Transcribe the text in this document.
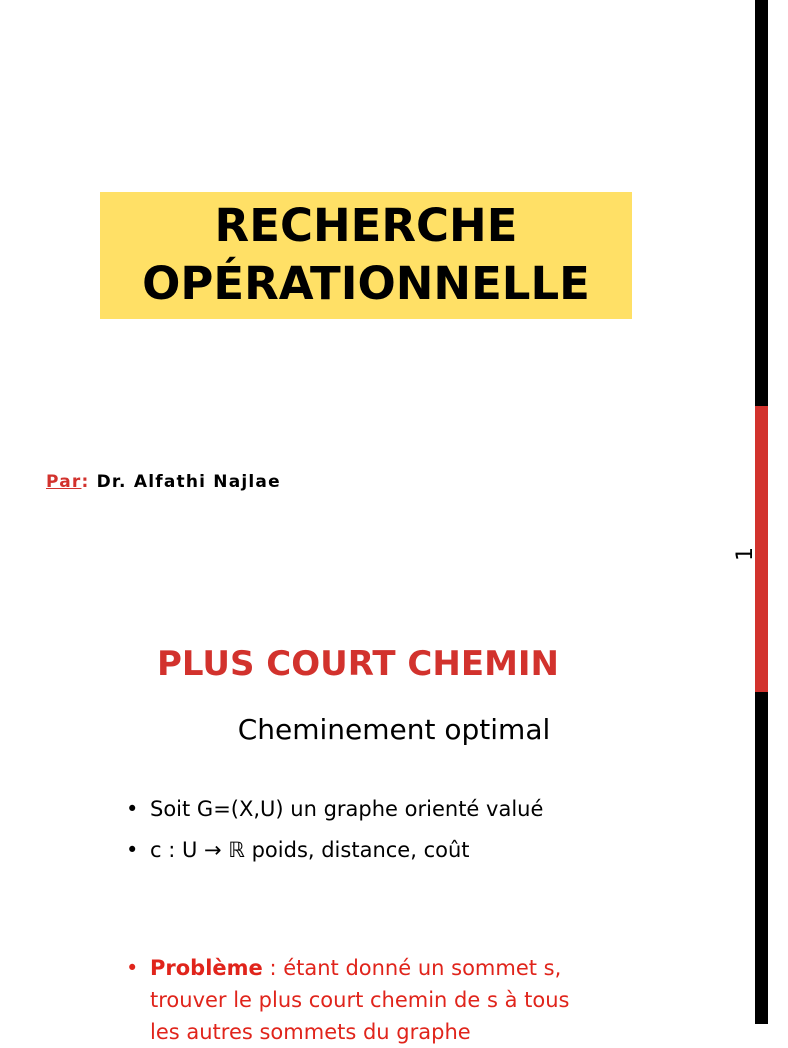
1
RECHERCHE
OPÉRATIONNELLE
Par: Dr. Alfathi Najlae
PLUS COURT CHEMIN
Cheminement optimal
• Soit G=(X,U) un graphe orienté valué
• c : U → ℝ poids, distance, coût
• Problème : étant donné un sommet s,
trouver le plus court chemin de s à tous
les autres sommets du graphe
